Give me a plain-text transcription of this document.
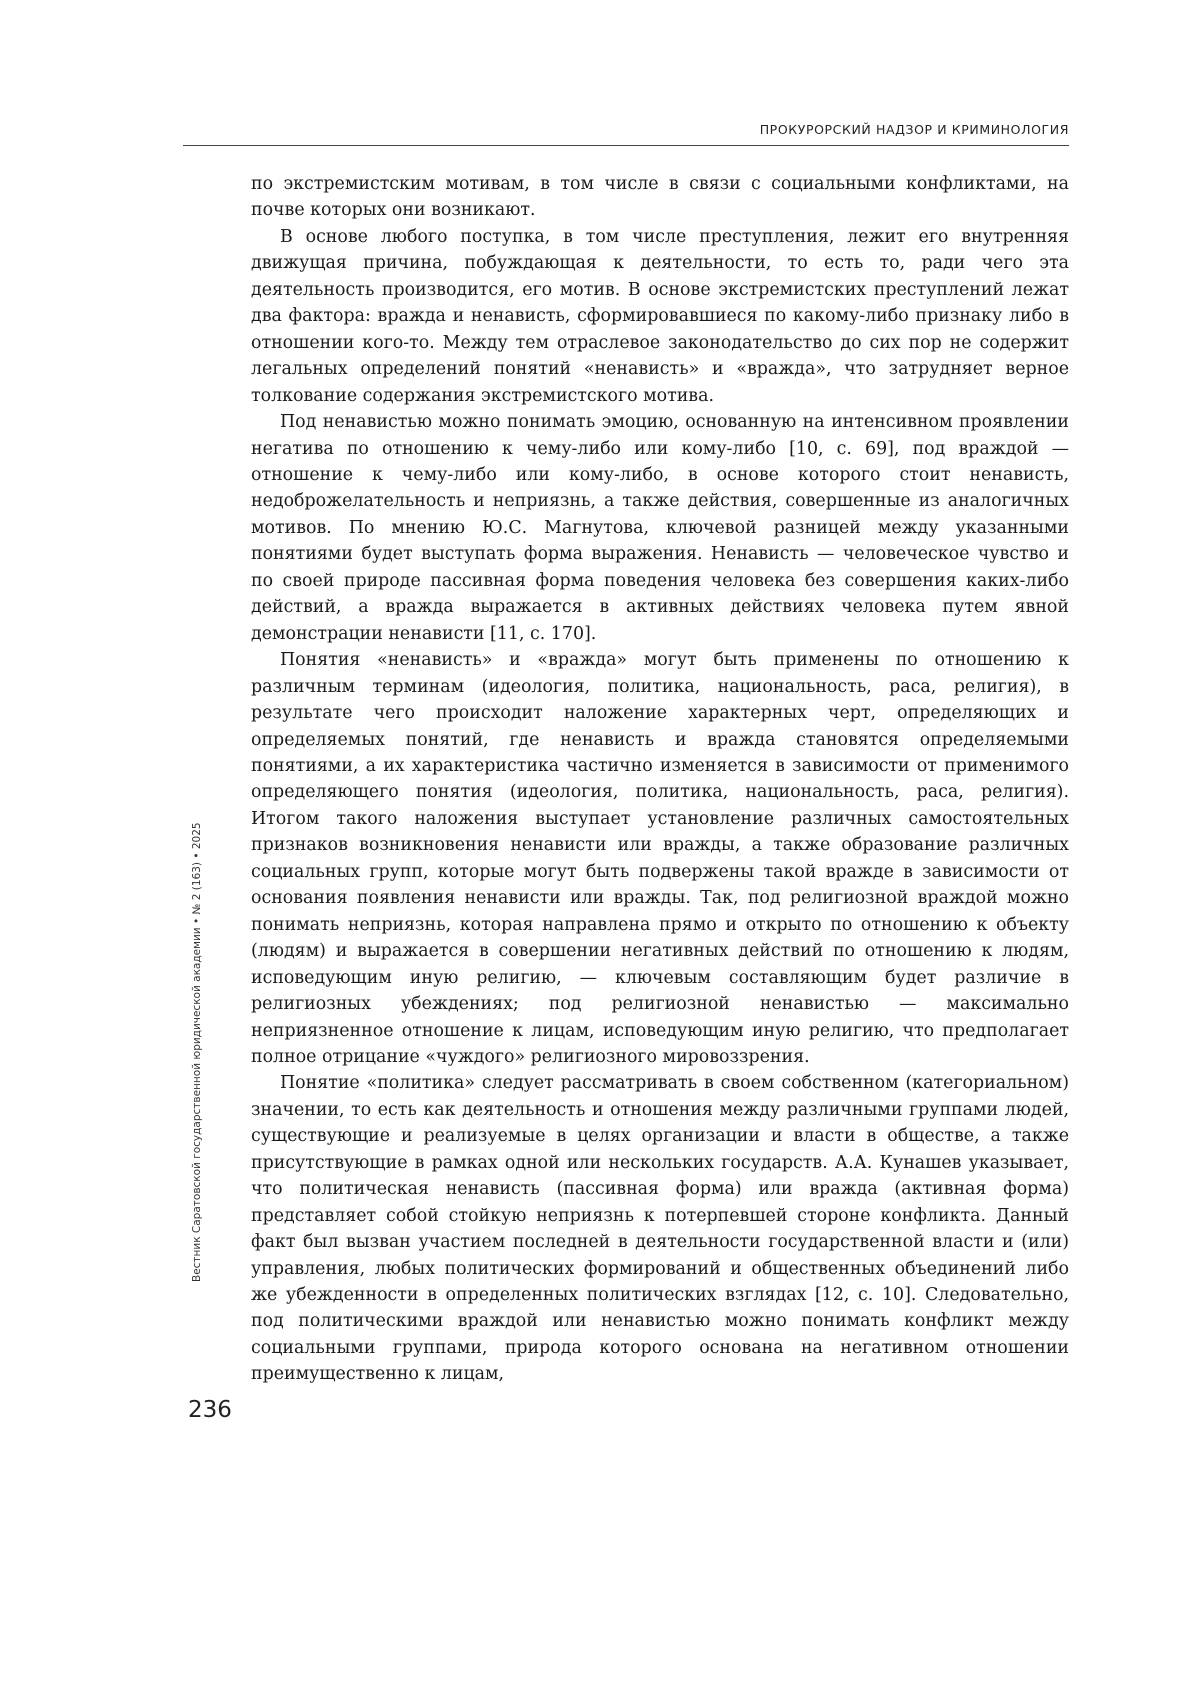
ПРОКУРОРСКИЙ НАДЗОР И КРИМИНОЛОГИЯ
Вестник Саратовской государственной юридической академии • № 2 (163) • 2025
236

по экстремистским мотивам, в том числе в связи с социальными конфликтами, на почве которых они возникают.

В основе любого поступка, в том числе преступления, лежит его внутренняя движущая причина, побуждающая к деятельности, то есть то, ради чего эта деятельность производится, его мотив. В основе экстремистских преступлений лежат два фактора: вражда и ненависть, сформировавшиеся по какому-либо при­знаку либо в отношении кого-то. Между тем отраслевое законодательство до сих пор не содержит легальных определений понятий «ненависть» и «вражда», что затрудняет верное толкование содержания экстремистского мотива.

Под ненавистью можно понимать эмоцию, основанную на интенсивном проявлении негатива по отношению к чему-либо или кому-либо [10, с. 69], под враждой — отношение к чему-либо или кому-либо, в основе которого стоит не­нависть, недоброжелательность и неприязнь, а также действия, совершенные из аналогичных мотивов. По мнению Ю.С. Магнутова, ключевой разницей между указанными понятиями будет выступать форма выражения. Ненависть — чело­веческое чувство и по своей природе пассивная форма поведения человека без совершения каких-либо действий, а вражда выражается в активных действиях человека путем явной демонстрации ненависти [11, с. 170].

Понятия «ненависть» и «вражда» могут быть применены по отношению к различным терминам (идеология, политика, национальность, раса, религия), в результате чего происходит наложение характерных черт, определяющих и определяемых понятий, где ненависть и вражда становятся определяемыми понятиями, а их характеристика частично изменяется в зависимости от при­менимого определяющего понятия (идеология, политика, национальность, раса, религия). Итогом такого наложения выступает установление различных самостоятельных признаков возникновения ненависти или вражды, а также образование различных социальных групп, которые могут быть подвержены такой вражде в зависимости от основания появления ненависти или вражды. Так, под религиозной враждой можно понимать неприязнь, которая направлена прямо и открыто по отношению к объекту (людям) и выражается в совершении негативных действий по отношению к людям, исповедующим иную религию, — ключевым составляющим будет различие в религиозных убеждениях; под религиозной ненавистью — максимально неприязненное отношение к лицам, исповедующим иную религию, что предполагает полное отрицание «чуждого» религиозного мировоззрения.

Понятие «политика» следует рассматривать в своем собственном (категори­альном) значении, то есть как деятельность и отношения между различными группами людей, существующие и реализуемые в целях организации и власти в обществе, а также присутствующие в рамках одной или нескольких государств. А.А. Кунашев указывает, что политическая ненависть (пассивная форма) или вражда (активная форма) представляет собой стойкую неприязнь к потерпевшей стороне конфликта. Данный факт был вызван участием последней в деятельно­сти государственной власти и (или) управления, любых политических форми­рований и общественных объединений либо же убежденности в определенных политических взглядах [12, с. 10]. Следовательно, под политическими враждой или ненавистью можно понимать конфликт между социальными группами, при­рода которого основана на негативном отношении преимущественно к лицам,
